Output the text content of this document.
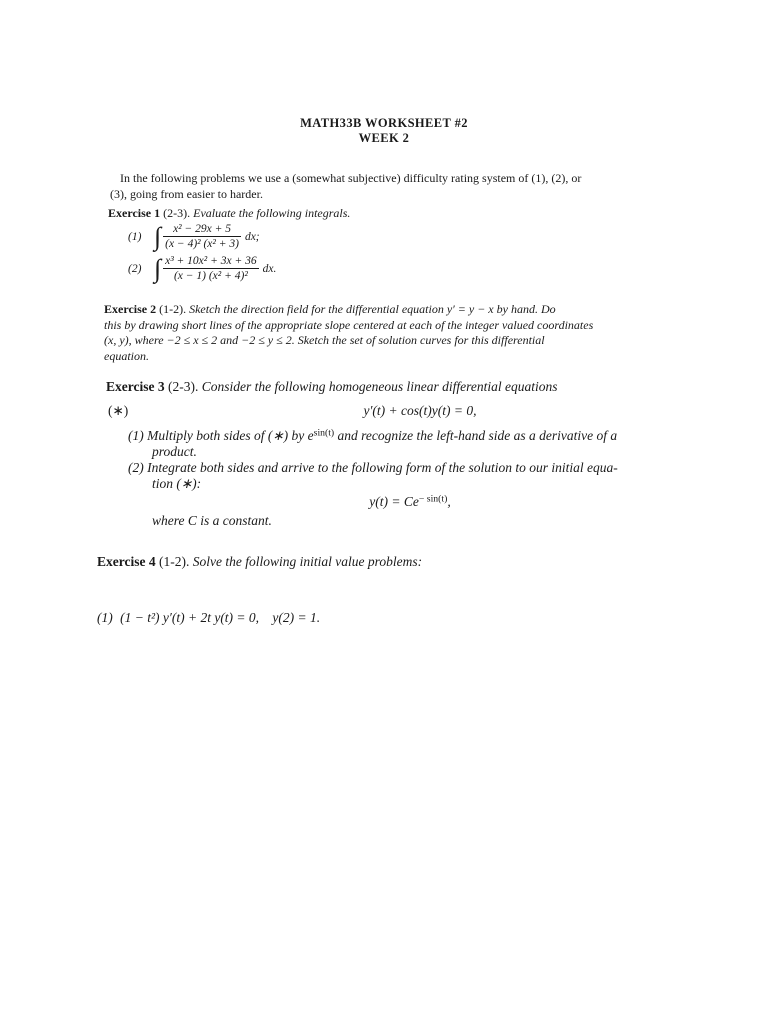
MATH33B WORKSHEET #2
WEEK 2
In the following problems we use a (somewhat subjective) difficulty rating system of (1), (2), or
(3), going from easier to harder.
Exercise 1 (2-3). Evaluate the following integrals.
(1) ∫ $\frac{\text{x² − 29x + 5}}{\text{(x − 4)² (x² + 3)}}$ dx;
(2) ∫ $\frac{\text{x³ + 10x² + 3x + 36}}{\text{(x − 1) (x² + 4)²}}$ dx.
Exercise 2 (1-2). Sketch the direction field for the differential equation y′ = y − x by hand. Do
this by drawing short lines of the appropriate slope centered at each of the integer valued coordinates
(x, y), where −2 ≤ x ≤ 2 and −2 ≤ y ≤ 2. Sketch the set of solution curves for this differential
equation.
Exercise 3 (2-3). Consider the following homogeneous linear differential equations
(∗)	y′(t) + cos(t)y(t) = 0,
(1) Multiply both sides of (∗) by $e^{sin(t)}$ and recognize the left-hand side as a derivative of a
product.
(2) Integrate both sides and arrive to the following form of the solution to our initial equa-
tion (∗):
$y(t) = Ce^{- sin(t)}$,
where C is a constant.
Exercise 4 (1-2). Solve the following initial value problems:
(1) (1 − t²) y′(t) + 2t y(t) = 0, y(2) = 1.
